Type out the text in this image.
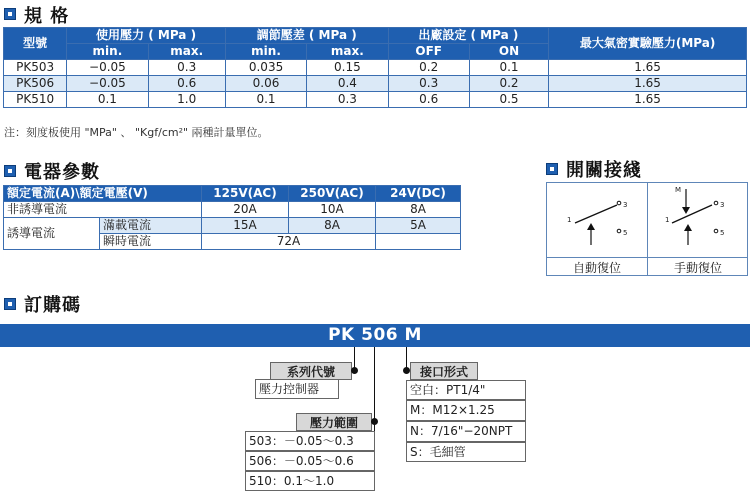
規 格
型號	使用壓力 ( MPa )		調節壓差 ( MPa )		出廠設定 ( MPa )		最大氣密實驗壓力(MPa)
	min.	max.	min.	max.	OFF	ON	
PK503	−0.05	0.3	0.035	0.15	0.2	0.1	1.65
PK506	−0.05	0.6	0.06	0.4	0.3	0.2	1.65
PK510	0.1	1.0	0.1	0.3	0.6	0.5	1.65
注：刻度板使用 "MPa" 、 "Kgf/cm²" 兩種計量單位。
電器參數
額定電流(A)\額定電壓(V)		125V(AC)	250V(AC)	24V(DC)
非誘導電流		20A	10A	8A
誘導電流	滿載電流	15A	8A	5A
	瞬時電流	72A		
開關接綫
1
3
5
自動復位
M
1
3
5
手動復位
訂購碼
PK 506 M
系列代號
壓力控制器
壓力範圍
503：－0.05～0.3
506：－0.05～0.6
510：0.1～1.0
接口形式
空白：PT1/4"
M：M12×1.25
N：7/16"−20NPT
S：毛細管
